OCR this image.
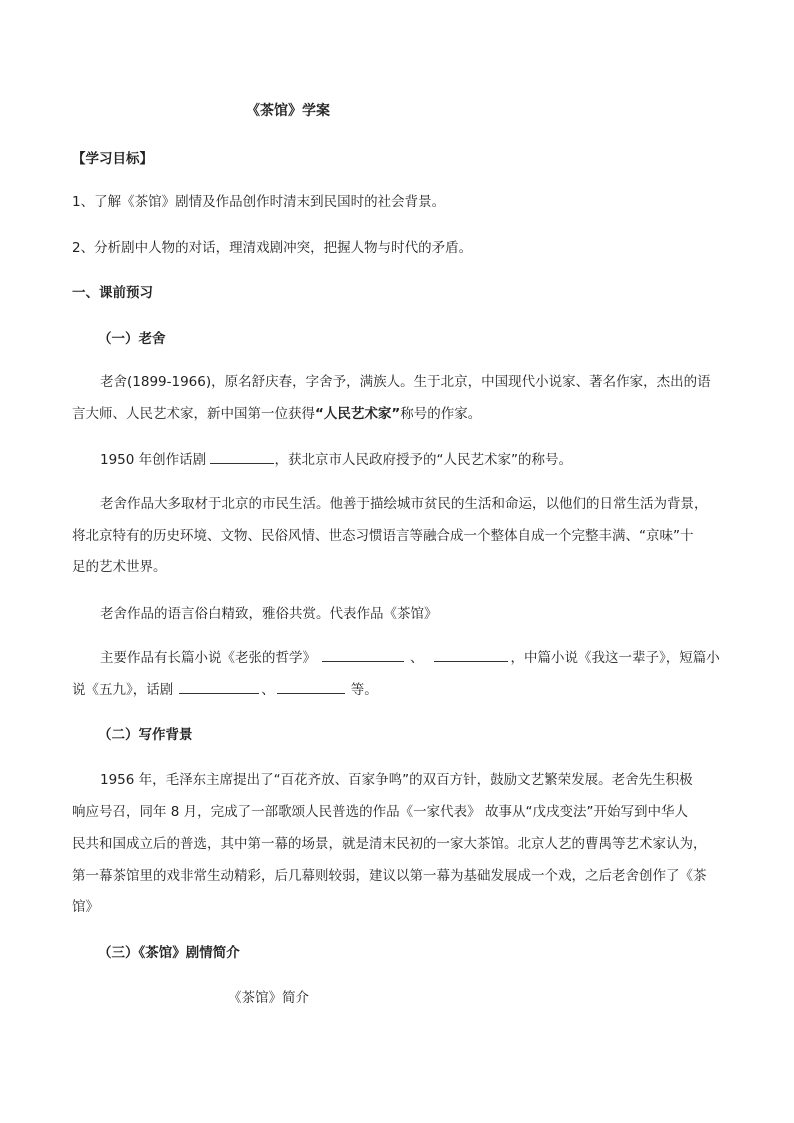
《茶馆》学案
【学习目标】
1、了解《茶馆》剧情及作品创作时清末到民国时的社会背景。
2、分析剧中人物的对话，理清戏剧冲突，把握人物与时代的矛盾。
一、课前预习
（一）老舍
老舍(1899-1966)，原名舒庆春，字舍予，满族人。生于北京，中国现代小说家、著名作家，杰出的语
言大师、人民艺术家，新中国第一位获得“人民艺术家”称号的作家。
1950 年创作话剧	，获北京市人民政府授予的“人民艺术家”的称号。
老舍作品大多取材于北京的市民生活。他善于描绘城市贫民的生活和命运，以他们的日常生活为背景，
将北京特有的历史环境、文物、民俗风情、世态习惯语言等融合成一个整体自成一个完整丰满、“京味”十
足的艺术世界。
老舍作品的语言俗白精致，雅俗共赏。代表作品《茶馆》
主要作品有长篇小说《老张的哲学》	、	，中篇小说《我这一辈子》，短篇小
说《五九》，话剧	、	等。
（二）写作背景
1956 年，毛泽东主席提出了“百花齐放、百家争鸣”的双百方针，鼓励文艺繁荣发展。老舍先生积极
响应号召，同年 8 月，完成了一部歌颂人民普选的作品《一家代表》 故事从“戊戌变法”开始写到中华人
民共和国成立后的普选，其中第一幕的场景，就是清末民初的一家大茶馆。北京人艺的曹禺等艺术家认为，
第一幕茶馆里的戏非常生动精彩，后几幕则较弱，建议以第一幕为基础发展成一个戏，之后老舍创作了《茶
馆》
（三）《茶馆》剧情简介
《茶馆》简介
